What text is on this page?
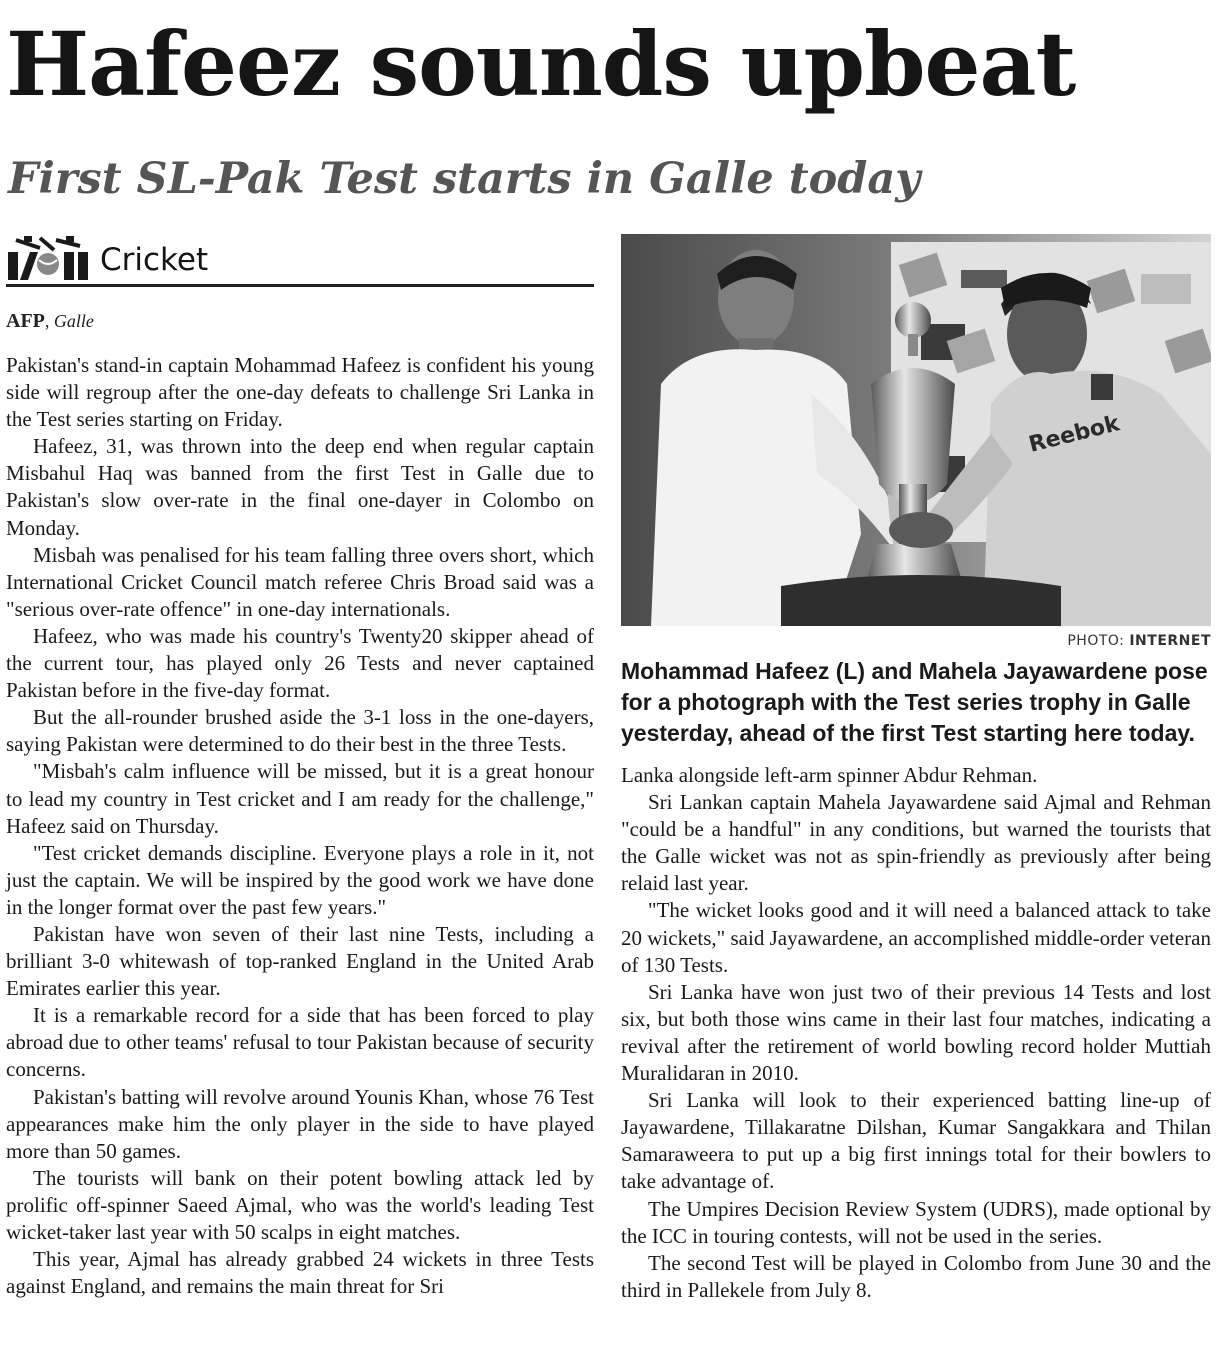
Hafeez sounds upbeat
First SL-Pak Test starts in Galle today
Cricket
AFP, Galle

Pakistan's stand-in captain Mohammad Hafeez is confident his young side will regroup after the one-day defeats to challenge Sri Lanka in the Test series starting on Friday.

Hafeez, 31, was thrown into the deep end when regular captain Misbahul Haq was banned from the first Test in Galle due to Pakistan's slow over-rate in the final one-dayer in Colombo on Monday.

Misbah was penalised for his team falling three overs short, which International Cricket Council match referee Chris Broad said was a "serious over-rate offence" in one-day internationals.

Hafeez, who was made his country's Twenty20 skipper ahead of the current tour, has played only 26 Tests and never captained Pakistan before in the five-day format.

But the all-rounder brushed aside the 3-1 loss in the one-dayers, saying Pakistan were determined to do their best in the three Tests.

"Misbah's calm influence will be missed, but it is a great honour to lead my country in Test cricket and I am ready for the challenge," Hafeez said on Thursday.

"Test cricket demands discipline. Everyone plays a role in it, not just the captain. We will be inspired by the good work we have done in the longer format over the past few years."

Pakistan have won seven of their last nine Tests, including a brilliant 3-0 whitewash of top-ranked England in the United Arab Emirates earlier this year.

It is a remarkable record for a side that has been forced to play abroad due to other teams' refusal to tour Pakistan because of security concerns.

Pakistan's batting will revolve around Younis Khan, whose 76 Test appearances make him the only player in the side to have played more than 50 games.

The tourists will bank on their potent bowling attack led by prolific off-spinner Saeed Ajmal, who was the world's leading Test wicket-taker last year with 50 scalps in eight matches.

This year, Ajmal has already grabbed 24 wickets in three Tests against England, and remains the main threat for Sri

Reebok
PHOTO: INTERNET

Mohammad Hafeez (L) and Mahela Jayawardene pose for a photograph with the Test series trophy in Galle yesterday, ahead of the first Test starting here today.

Lanka alongside left-arm spinner Abdur Rehman.

Sri Lankan captain Mahela Jayawardene said Ajmal and Rehman "could be a handful" in any conditions, but warned the tourists that the Galle wicket was not as spin-friendly as previously after being relaid last year.

"The wicket looks good and it will need a balanced attack to take 20 wickets," said Jayawardene, an accomplished middle-order veteran of 130 Tests.

Sri Lanka have won just two of their previous 14 Tests and lost six, but both those wins came in their last four matches, indicating a revival after the retirement of world bowling record holder Muttiah Muralidaran in 2010.

Sri Lanka will look to their experienced batting line-up of Jayawardene, Tillakaratne Dilshan, Kumar Sangakkara and Thilan Samaraweera to put up a big first innings total for their bowlers to take advantage of.

The Umpires Decision Review System (UDRS), made optional by the ICC in touring contests, will not be used in the series.

The second Test will be played in Colombo from June 30 and the third in Pallekele from July 8.
